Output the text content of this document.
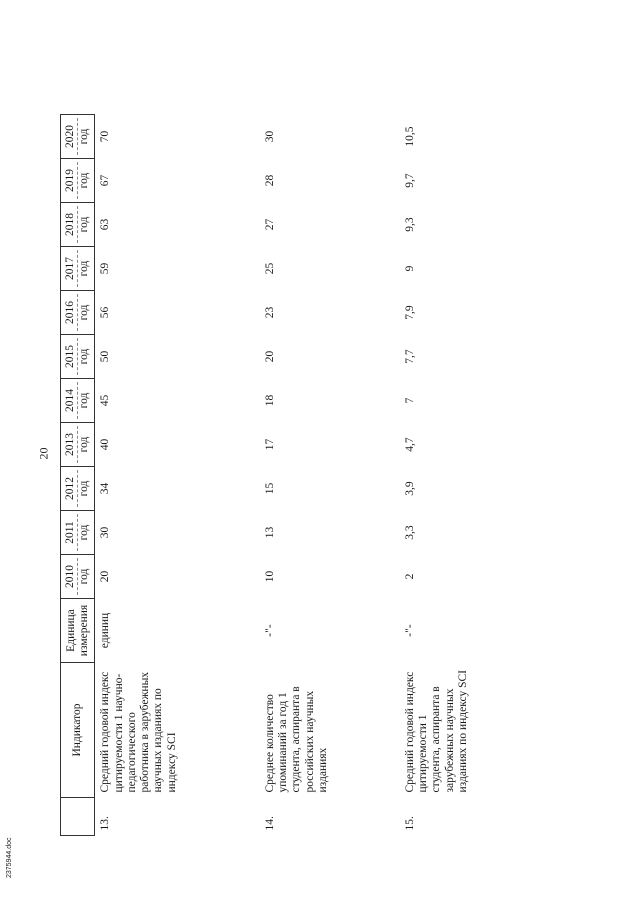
20
	Индикатор	Единица измерения	2010 год	2011 год	2012 год	2013 год	2014 год	2015 год	2016 год	2017 год	2018 год	2019 год	2020 год

13.	Средний годовой индекс цитируемости 1 научно-педагогического работника в зарубежных научных изданиях по индексу SCI	единиц	20	30	34	40	45	50	56	59	63	67	70
14.	Среднее количество упоминаний за год 1 студента, аспиранта в российских научных изданиях	-"-	10	13	15	17	18	20	23	25	27	28	30
15.	Средний годовой индекс цитируемости 1 студента, аспиранта в зарубежных научных изданиях по индексу SCI	-"-	2	3,3	3,9	4,7	7	7,7	7,9	9	9,3	9,7	10,5
2375944.doc
